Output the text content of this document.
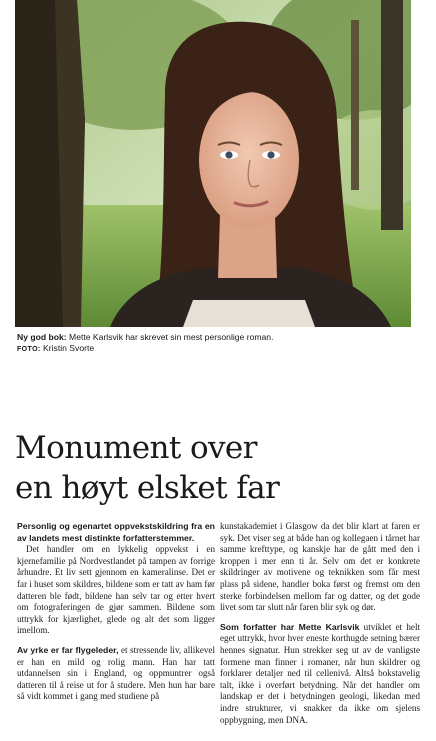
Ny god bok: Mette Karlsvik har skrevet sin mest personlige roman.
FOTO: Kristin Svorte
Monument over
en høyt elsket far

Personlig og egenartet oppvekstskildring fra en av landets mest distinkte forfatterstemmer.

Det handler om en lykkelig oppvekst i en kjernefamilie på Nordvestlandet på tampen av forrige århundre. Et liv sett gjennom en kameralinse. Det er far i huset som skildres, bildene som er tatt av ham før datteren ble født, bildene han selv tar og etter hvert om fotograferingen de gjør sammen. Bildene som uttrykk for kjærlighet, glede og alt det som ligger imellom.

Av yrke er far flygeleder, et stressende liv, allikevel er han en mild og rolig mann. Han har tatt utdannelsen sin i England, og oppmuntrer også datteren til å reise ut for å studere. Men hun har bare så vidt kommet i gang med studiene på

kunstakademiet i Glasgow da det blir klart at faren er syk. Det viser seg at både han og kollegaen i tårnet har samme krefttype, og kanskje har de gått med den i kroppen i mer enn ti år. Selv om det er konkrete skildringer av motivene og teknikken som får mest plass på sidene, handler boka først og fremst om den sterke forbindelsen mellom far og datter, og det gode livet som tar slutt når faren blir syk og dør.

Som forfatter har Mette Karlsvik utviklet et helt eget uttrykk, hvor hver eneste korthugde setning bærer hennes signatur. Hun strekker seg ut av de vanligste formene man finner i romaner, når hun skildrer og forklarer detaljer ned til cellenivå. Altså bokstavelig talt, ikke i overført betydning. Når det handler om landskap er det i betydningen geologi, likedan med indre strukturer, vi snakker da ikke om sjelens oppbygning, men DNA.
